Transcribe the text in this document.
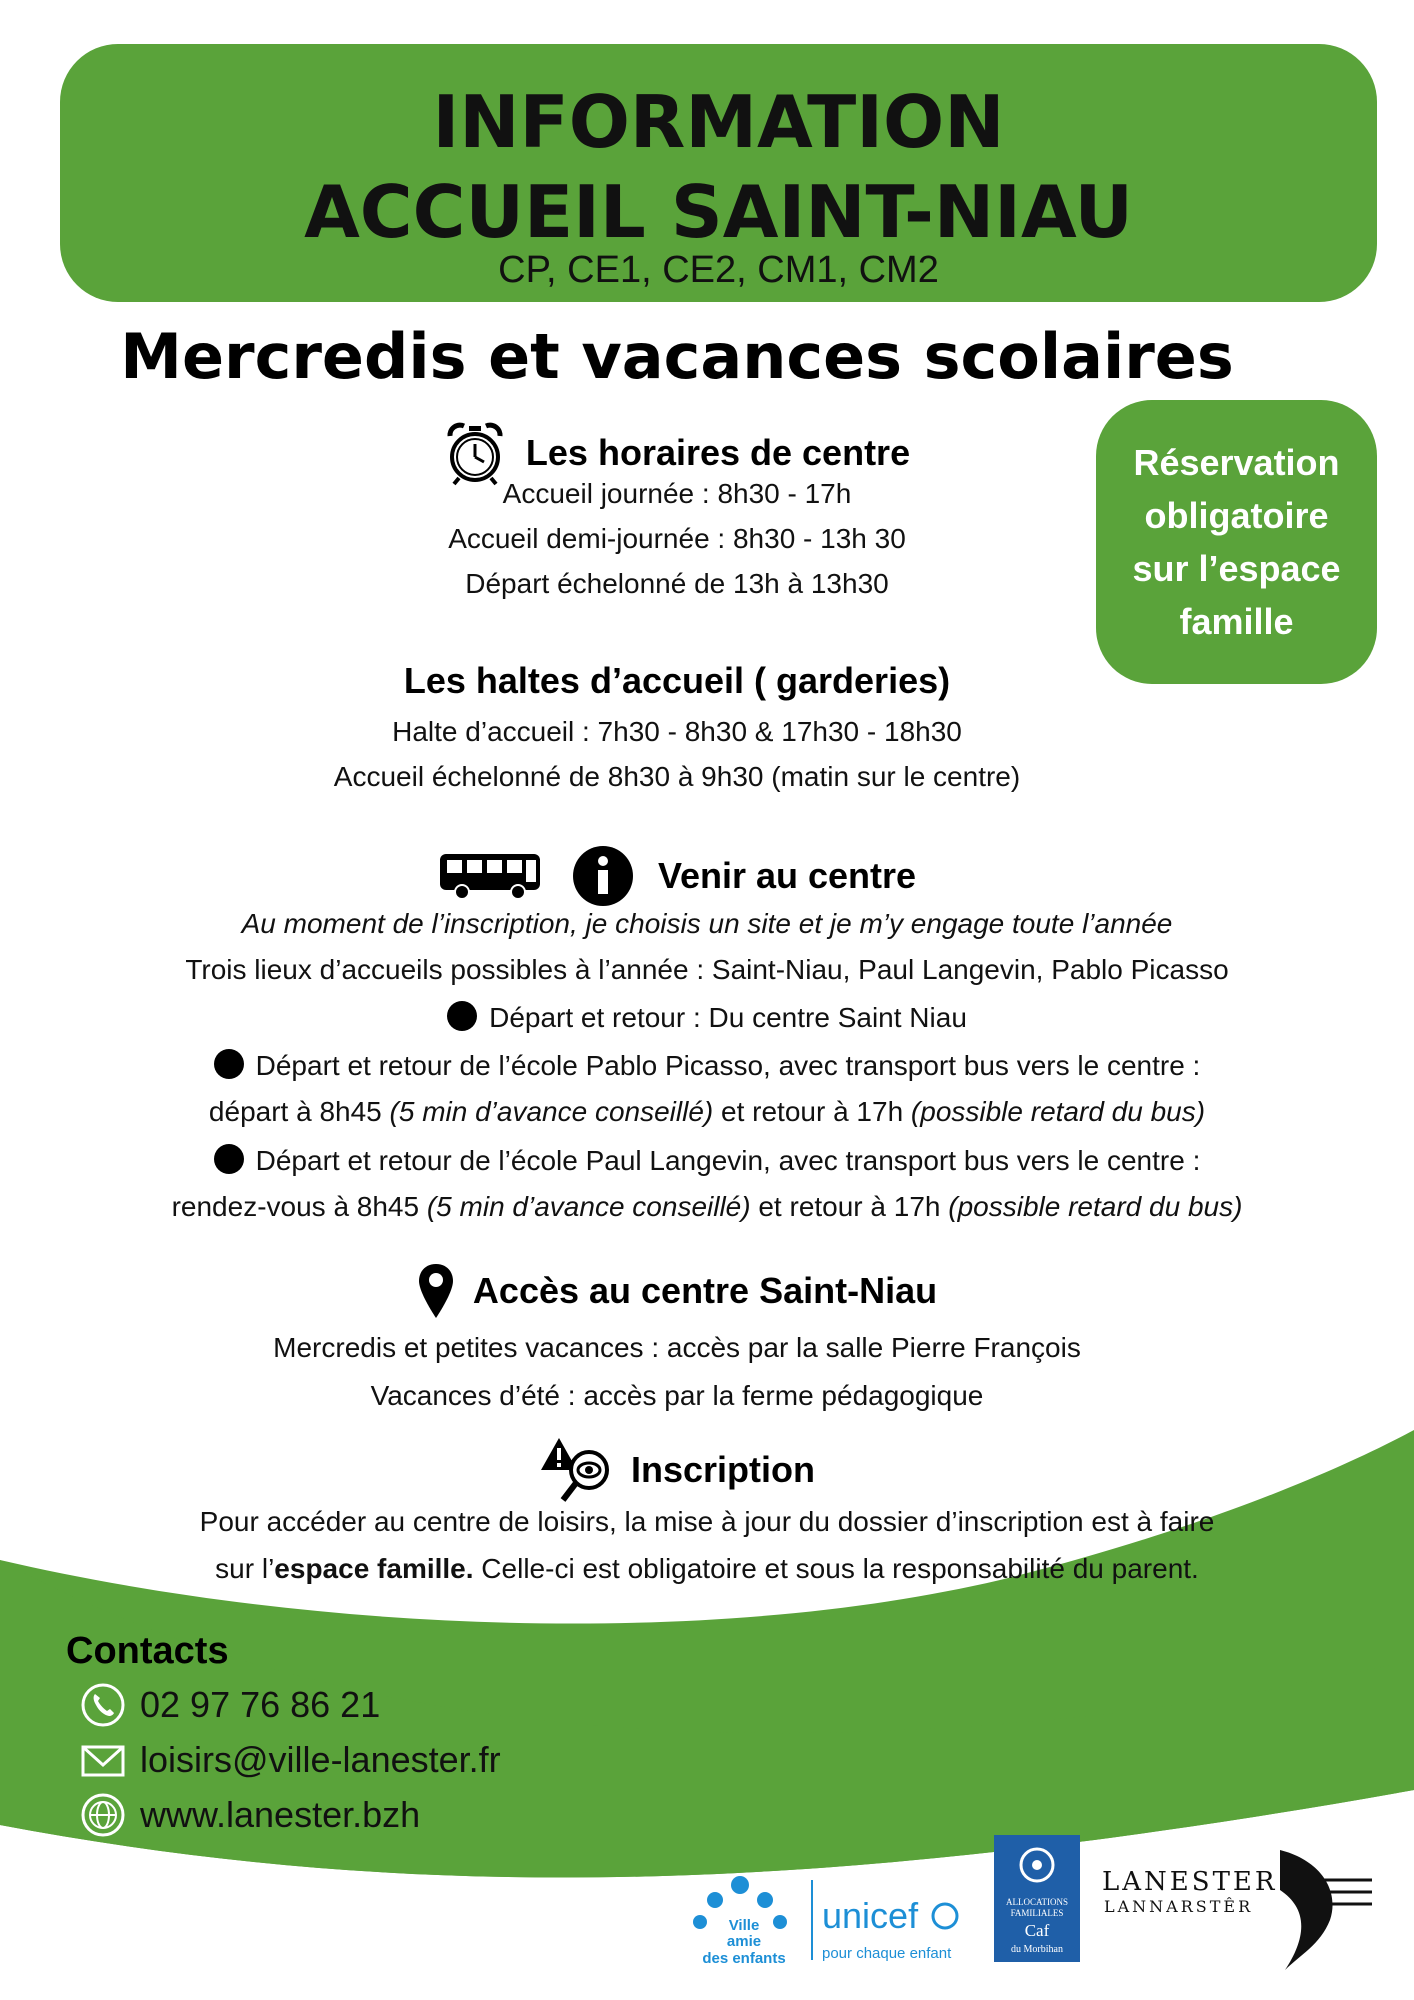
INFORMATION
ACCUEIL SAINT-NIAU
CP, CE1, CE2, CM1, CM2
Mercredis et vacances scolaires
Réservation
obligatoire
sur l’espace
famille
Les horaires de centre
Accueil journée : 8h30 - 17h
Accueil demi-journée : 8h30 - 13h 30
Départ échelonné de 13h à 13h30
Les haltes d’accueil ( garderies)
Halte d’accueil : 7h30 - 8h30 & 17h30 - 18h30
Accueil échelonné de 8h30 à 9h30 (matin sur le centre)
Venir au centre
Au moment de l’inscription, je choisis un site et je m’y engage toute l’année
Trois lieux d’accueils possibles à l’année : Saint-Niau, Paul Langevin, Pablo Picasso
Départ et retour : Du centre Saint Niau
Départ et retour de l’école Pablo Picasso, avec transport bus vers le centre :
départ à 8h45 (5 min d’avance conseillé) et retour à 17h (possible retard du bus)
Départ et retour de l’école Paul Langevin, avec transport bus vers le centre :
rendez-vous à 8h45 (5 min d’avance conseillé) et retour à 17h (possible retard du bus)
Accès au centre Saint-Niau
Mercredis et petites vacances : accès par la salle Pierre François
Vacances d’été : accès par la ferme pédagogique
Inscription
Pour accéder au centre de loisirs, la mise à jour du dossier d’inscription est à faire
sur l’espace famille. Celle-ci est obligatoire et sous la responsabilité du parent.
Contacts
02 97 76 86 21
loisirs@ville-lanester.fr
www.lanester.bzh
Ville
amie
des enfants
unicef
pour chaque enfant
ALLOCATIONS
FAMILIALES
Caf
du Morbihan
LANESTER
LANNARSTÊR
